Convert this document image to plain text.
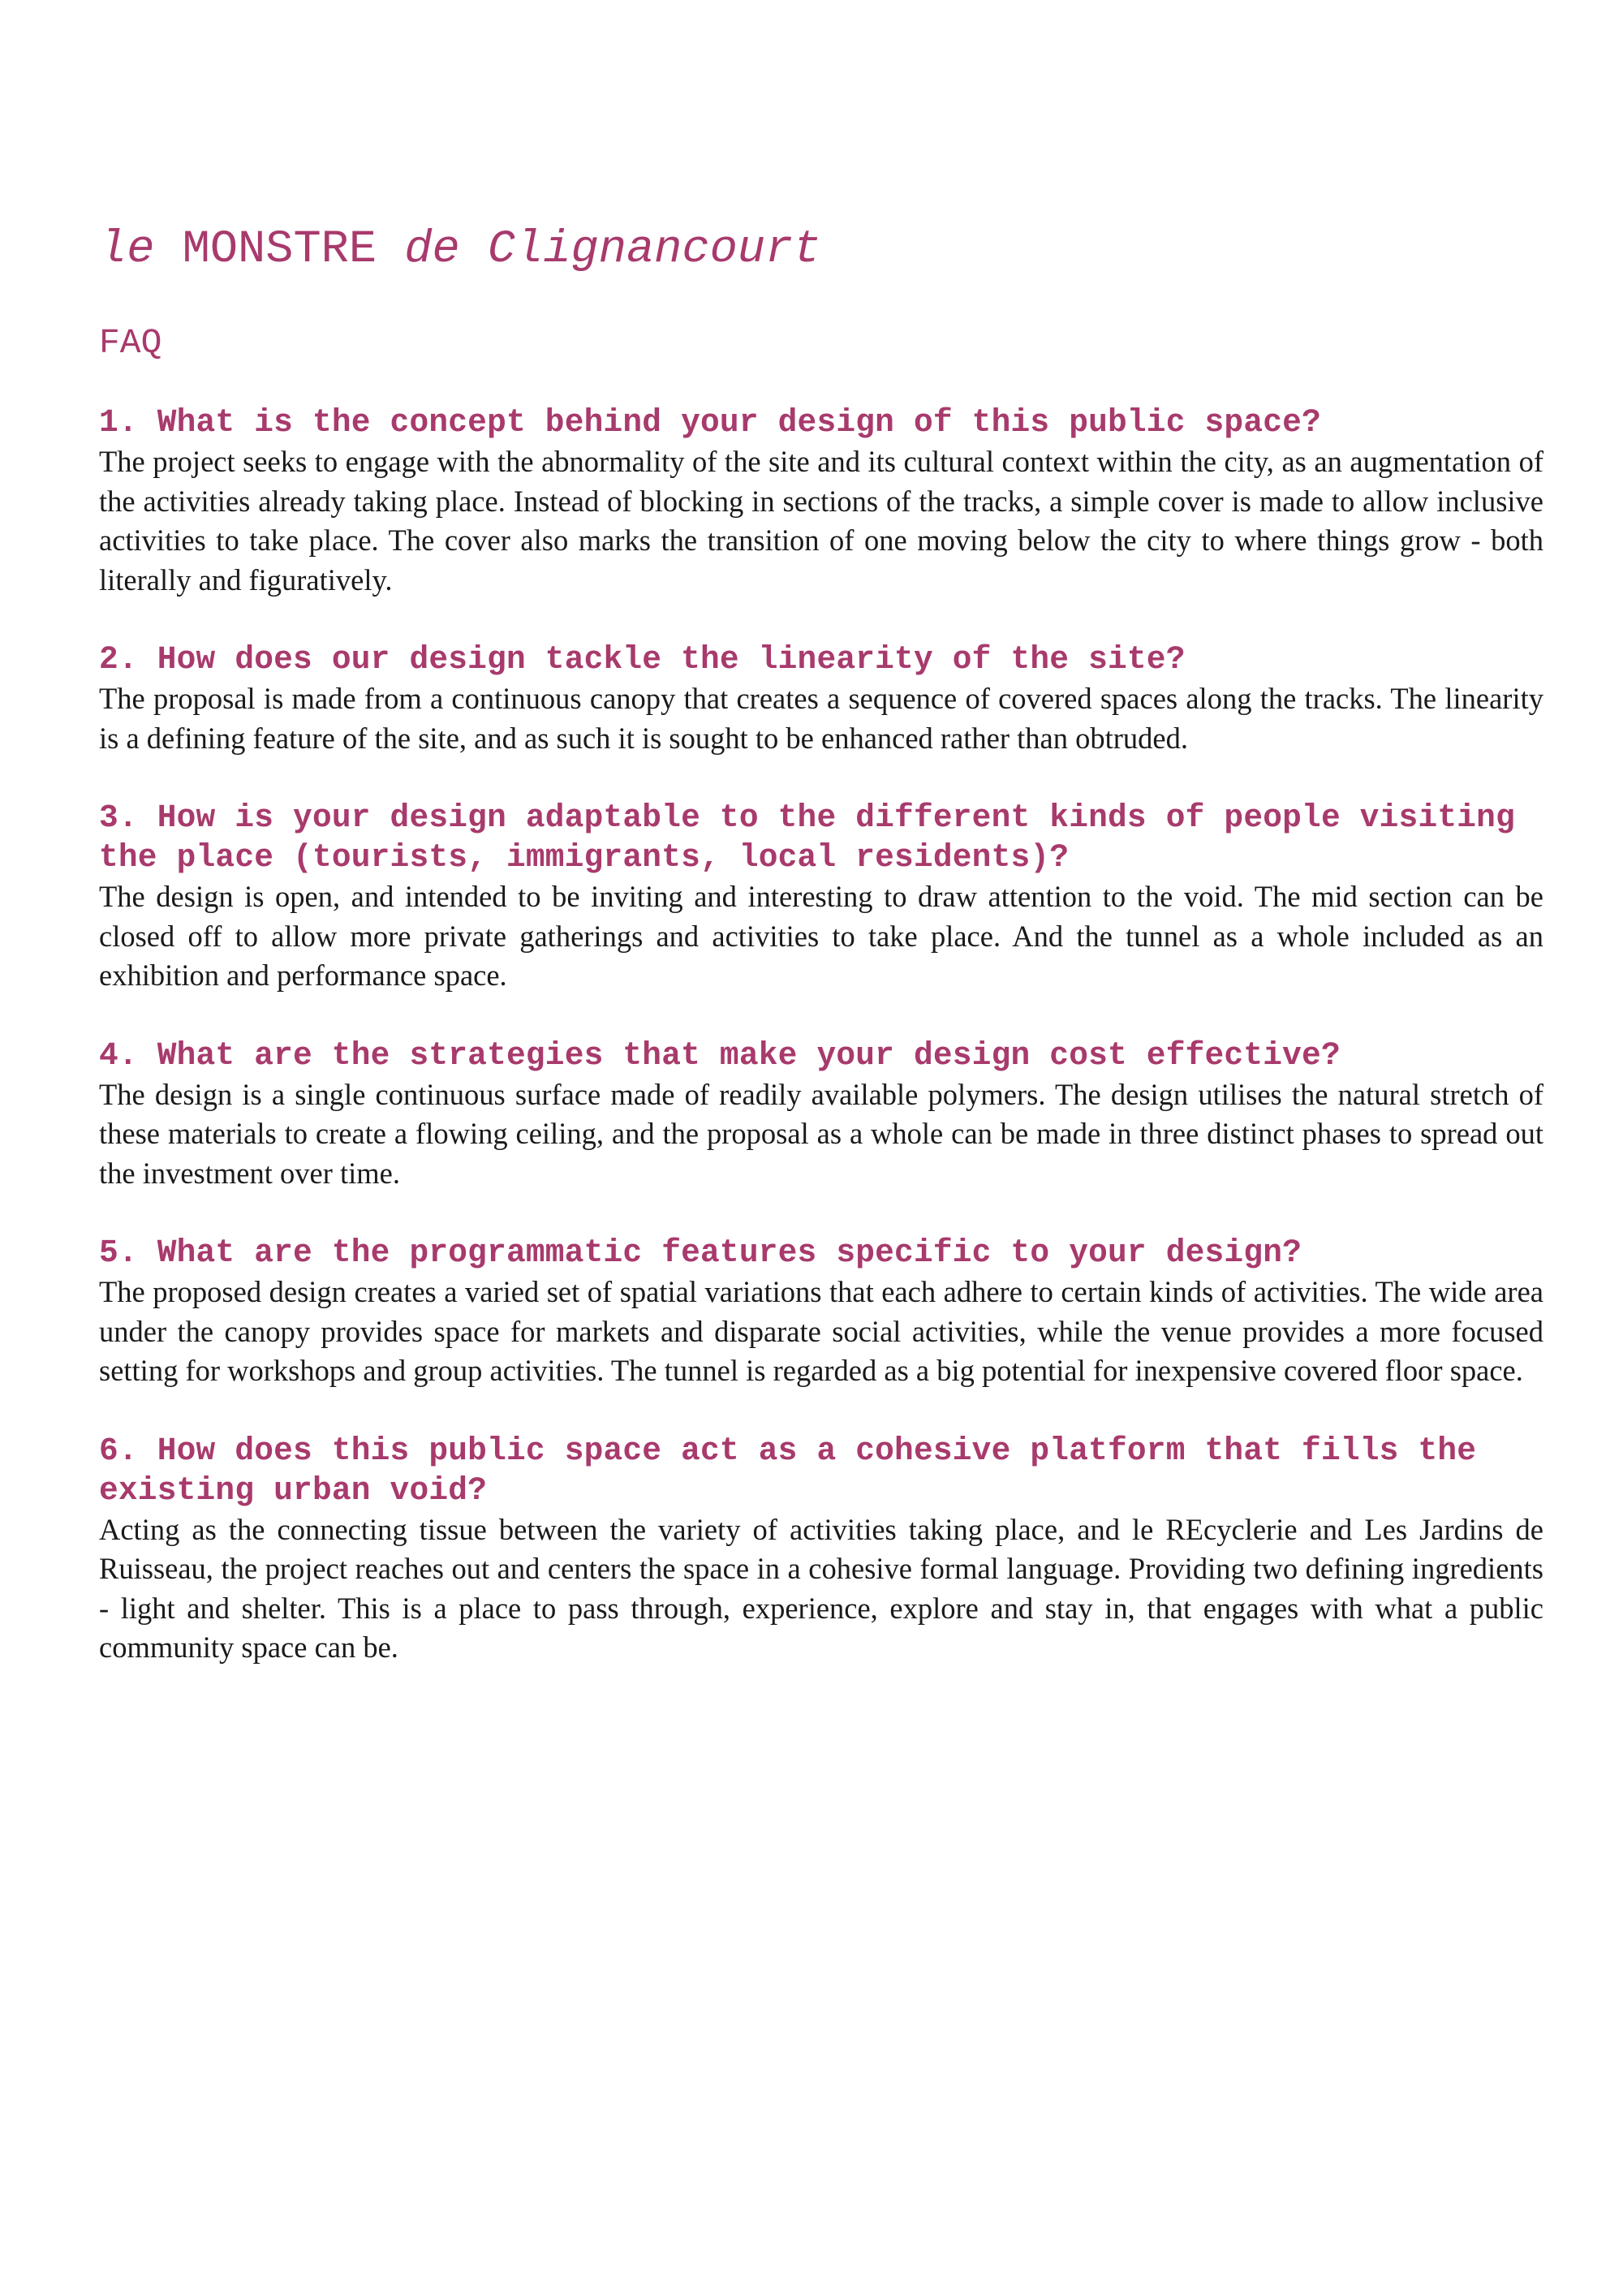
le MONSTRE de Clignancourt
FAQ
1. What is the concept behind your design of this public space?

The project seeks to engage with the abnormality of the site and its cultural context within the city, as an augmentation of the activities already taking place. Instead of blocking in sections of the tracks, a simple cover is made to allow inclusive activities to take place. The cover also marks the transition of one moving below the city to where things grow - both literally and figuratively.

2. How does our design tackle the linearity of the site?

The proposal is made from a continuous canopy that creates a sequence of covered spaces along the tracks. The linearity is a defining feature of the site, and as such it is sought to be enhanced rather than obtruded.

3. How is your design adaptable to the different kinds of people visiting the place (tourists, immigrants, local residents)?

The design is open, and intended to be inviting and interesting to draw attention to the void. The mid section can be closed off to allow more private gatherings and activities to take place. And the tunnel as a whole included as an exhibition and performance space.

4. What are the strategies that make your design cost effective?

The design is a single continuous surface made of readily available polymers. The design utilises the natural stretch of these materials to create a flowing ceiling, and the proposal as a whole can be made in three distinct phases to spread out the investment over time.

5. What are the programmatic features specific to your design?

The proposed design creates a varied set of spatial variations that each adhere to certain kinds of activities. The wide area under the canopy provides space for markets and disparate social activities, while the venue provides a more focused setting for workshops and group activities. The tunnel is regarded as a big potential for inexpensive covered floor space.

6. How does this public space act as a cohesive platform that fills the existing urban void?

Acting as the connecting tissue between the variety of activities taking place, and le REcyclerie and Les Jardins de Ruisseau, the project reaches out and centers the space in a cohesive formal language. Providing two defining ingredients - light and shelter. This is a place to pass through, experience, explore and stay in, that engages with what a public community space can be.
